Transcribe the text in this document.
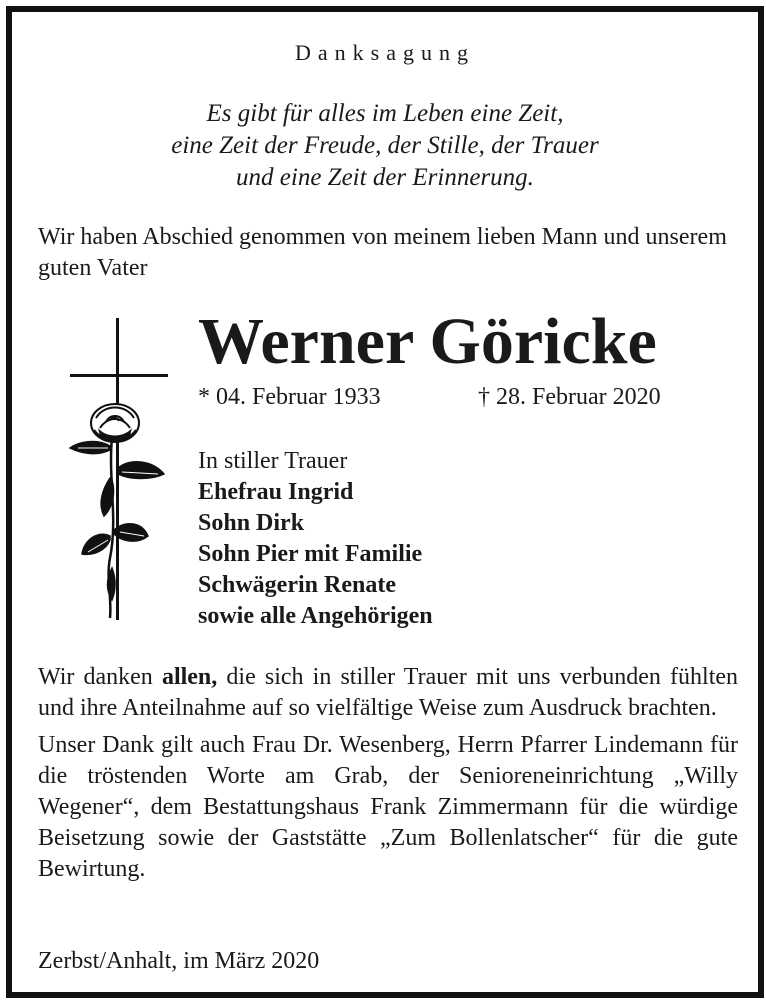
Danksagung
Es gibt für alles im Leben eine Zeit,
eine Zeit der Freude, der Stille, der Trauer
und eine Zeit der Erinnerung.
Wir haben Abschied genommen von meinem lieben Mann und unserem guten Vater
Werner Göricke
* 04. Februar 1933	† 28. Februar 2020
In stiller Trauer
Ehefrau Ingrid
Sohn Dirk
Sohn Pier mit Familie
Schwägerin Renate
sowie alle Angehörigen

Wir danken allen, die sich in stiller Trauer mit uns verbunden fühlten und ihre Anteilnahme auf so vielfältige Weise zum Ausdruck brachten.

Unser Dank gilt auch Frau Dr. Wesenberg, Herrn Pfarrer Lindemann für die tröstenden Worte am Grab, der Senioreneinrichtung „Willy Wegener“, dem Bestattungshaus Frank Zimmermann für die würdige Beisetzung sowie der Gaststätte „Zum Bollenlatscher“ für die gute Bewirtung.

Zerbst/Anhalt, im März 2020
